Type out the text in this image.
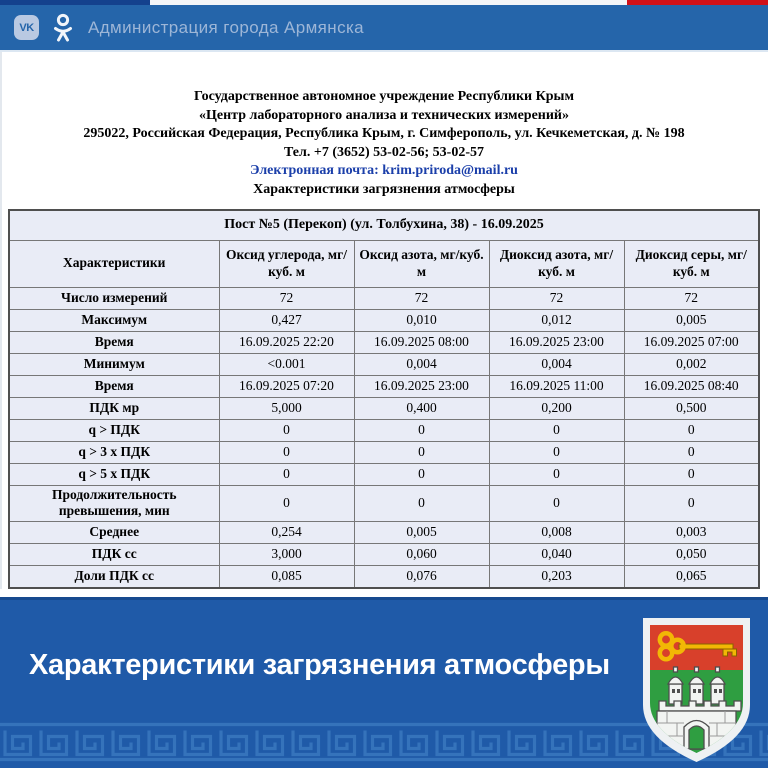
VK	Администрация города Армянска
Государственное автономное учреждение Республики Крым
«Центр лабораторного анализа и технических измерений»
295022, Российская Федерация, Республика Крым, г. Симферополь, ул. Кечкеметская, д. № 198
Тел. +7 (3652) 53-02-56; 53-02-57
Электронная почта: krim.priroda@mail.ru
Характеристики загрязнения атмосферы
Пост №5 (Перекоп) (ул. Толбухина, 38) - 16.09.2025				
Характеристики	Оксид углерода, мг/куб. м	Оксид азота, мг/куб. м	Диоксид азота, мг/куб. м	Диоксид серы, мг/куб. м
Число измерений	72	72	72	72
Максимум	0,427	0,010	0,012	0,005
Время	16.09.2025 22:20	16.09.2025 08:00	16.09.2025 23:00	16.09.2025 07:00
Минимум	<0.001	0,004	0,004	0,002
Время	16.09.2025 07:20	16.09.2025 23:00	16.09.2025 11:00	16.09.2025 08:40
ПДК мр	5,000	0,400	0,200	0,500
q > ПДК	0	0	0	0
q > 3 х ПДК	0	0	0	0
q > 5 х ПДК	0	0	0	0
Продолжительность превышения, мин	0	0	0	0
Среднее	0,254	0,005	0,008	0,003
ПДК сс	3,000	0,060	0,040	0,050
Доли ПДК сс	0,085	0,076	0,203	0,065
Характеристики загрязнения атмосферы
